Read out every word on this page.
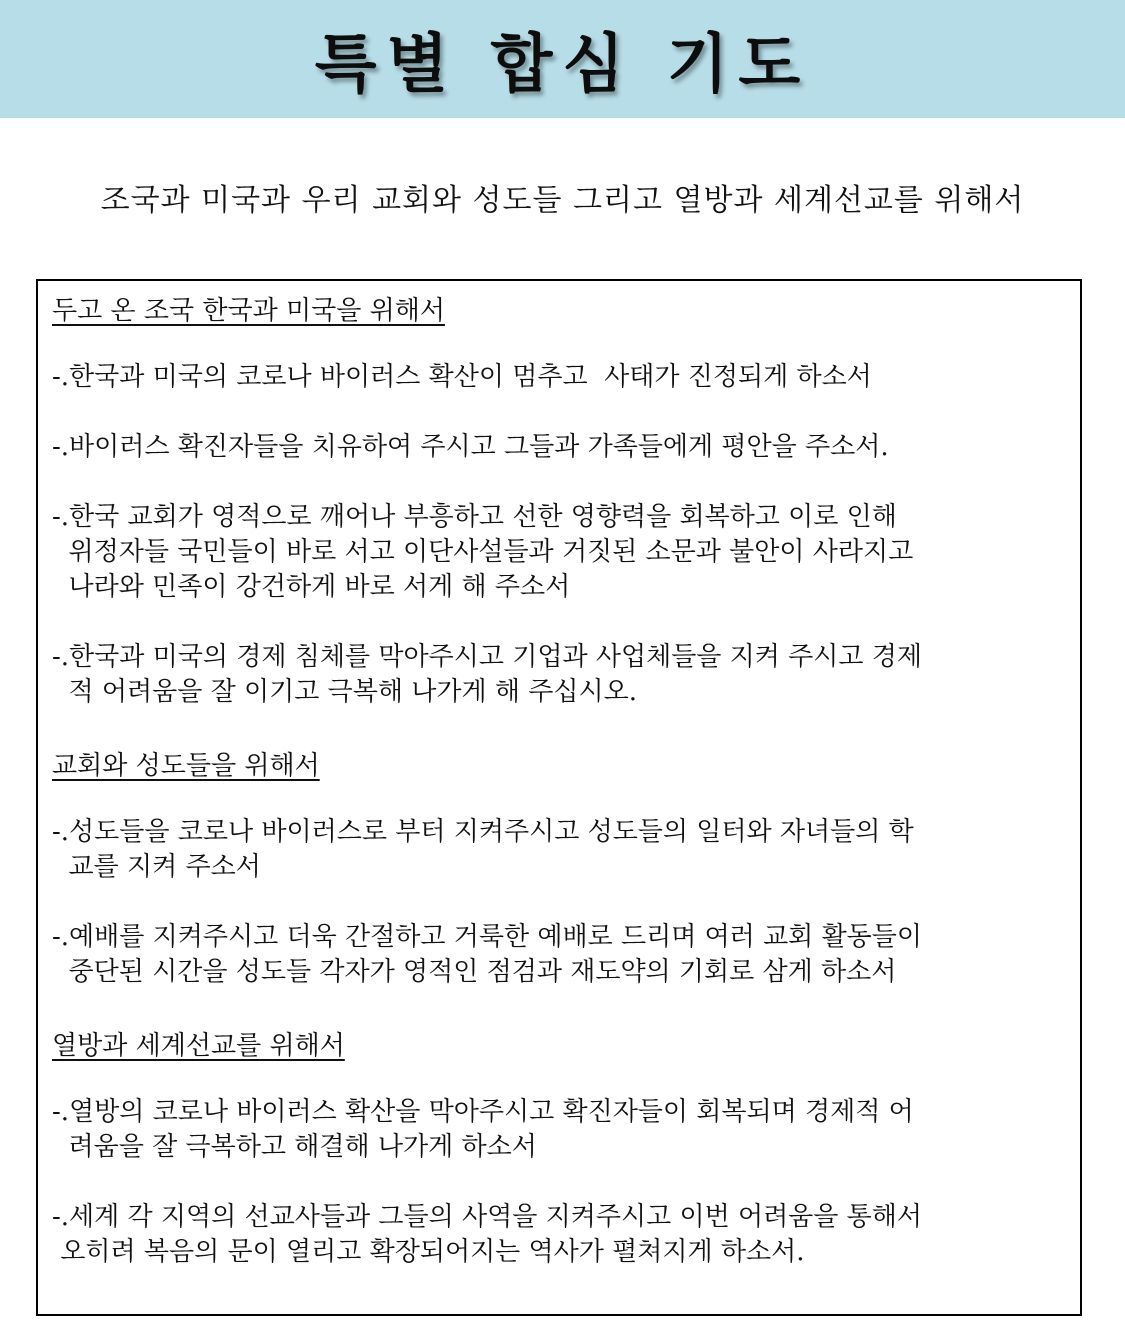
특별 합심 기도
조국과 미국과 우리 교회와 성도들 그리고 열방과 세계선교를 위해서
두고 온 조국 한국과 미국을 위해서
-.한국과 미국의 코로나 바이러스 확산이 멈추고  사태가 진정되게 하소서
-.바이러스 확진자들을 치유하여 주시고 그들과 가족들에게 평안을 주소서.
-.한국 교회가 영적으로 깨어나 부흥하고 선한 영향력을 회복하고 이로 인해
위정자들 국민들이 바로 서고 이단사설들과 거짓된 소문과 불안이 사라지고
나라와 민족이 강건하게 바로 서게 해 주소서
-.한국과 미국의 경제 침체를 막아주시고 기업과 사업체들을 지켜 주시고 경제
적 어려움을 잘 이기고 극복해 나가게 해 주십시오.
교회와 성도들을 위해서
-.성도들을 코로나 바이러스로 부터 지켜주시고 성도들의 일터와 자녀들의 학
교를 지켜 주소서
-.예배를 지켜주시고 더욱 간절하고 거룩한 예배로 드리며 여러 교회 활동들이
중단된 시간을 성도들 각자가 영적인 점검과 재도약의 기회로 삼게 하소서
열방과 세계선교를 위해서
-.열방의 코로나 바이러스 확산을 막아주시고 확진자들이 회복되며 경제적 어
려움을 잘 극복하고 해결해 나가게 하소서
-.세계 각 지역의 선교사들과 그들의 사역을 지켜주시고 이번 어려움을 통해서
오히려 복음의 문이 열리고 확장되어지는 역사가 펼쳐지게 하소서.
